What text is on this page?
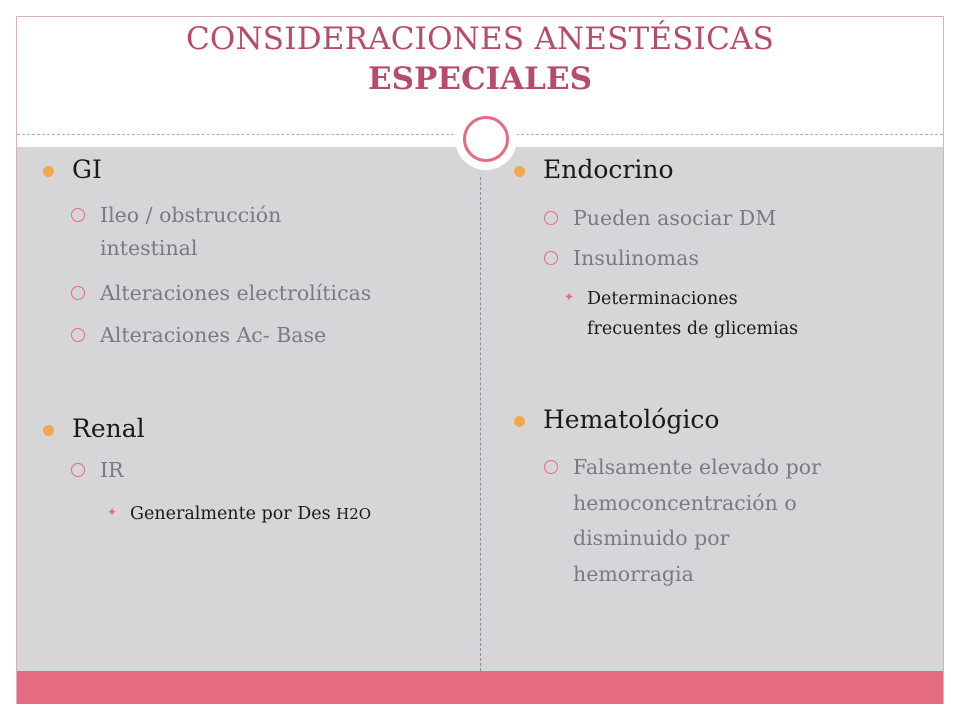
CONSIDERACIONES ANESTÉSICAS
ESPECIALES
GI
Ileo / obstrucción
intestinal
Alteraciones electrolíticas
Alteraciones Ac- Base
Renal
IR
✦ Generalmente por Des H2O
Endocrino
Pueden asociar DM
Insulinomas
✦ Determinaciones
frecuentes de glicemias
Hematológico
Falsamente elevado por
hemoconcentración o
disminuido por
hemorragia
